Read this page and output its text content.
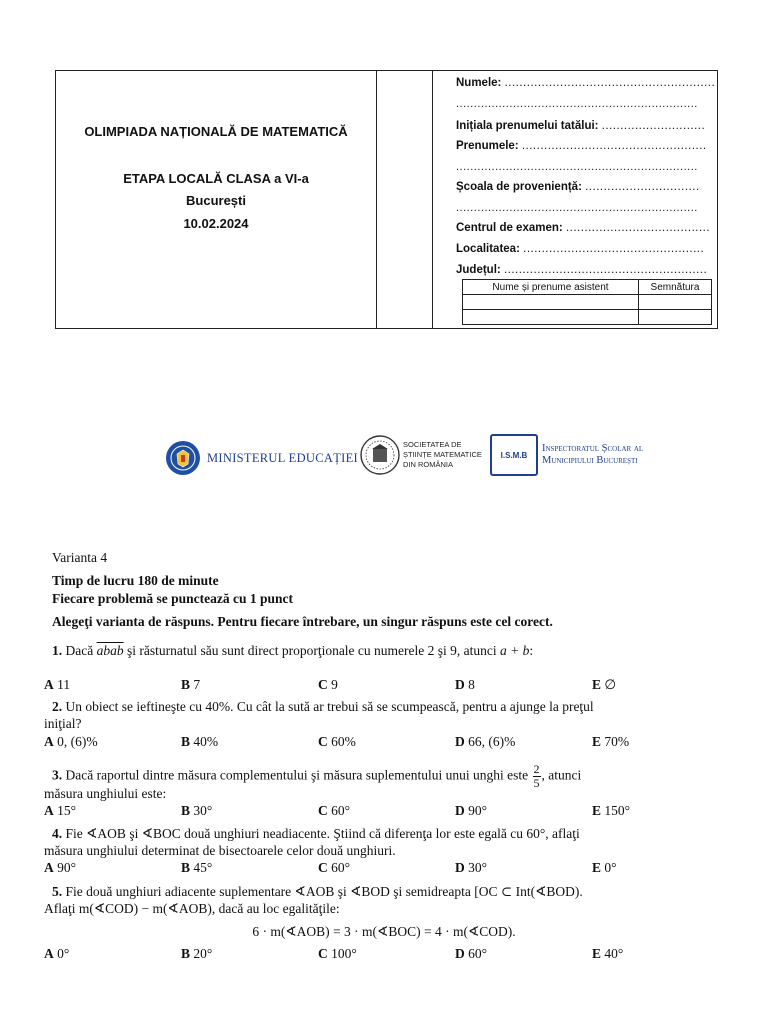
OLIMPIADA NAȚIONALĂ DE MATEMATICĂ
ETAPA LOCALĂ CLASA a VI-a
București
10.02.2024
Numele: .........................................................
....................................................................
Inițiala prenumelui tatălui: ............................
Prenumele: ..................................................
....................................................................
Școala de proveniență: ...............................
....................................................................
Centrul de examen: .......................................
Localitatea: .................................................
Județul: .......................................................
Nume și prenume asistent	Semnătura

MINISTERUL EDUCAȚIEI
SOCIETATEA DE
ȘTIINȚE MATEMATICE
DIN ROMÂNIA
I.S.M.B
Inspectoratul Școlar al
Municipiului București
Varianta 4
Timp de lucru 180 de minute
Fiecare problemă se punctează cu 1 punct
Alegeţi varianta de răspuns. Pentru fiecare întrebare, un singur răspuns este cel corect.
1. Dacă abab şi răsturnatul său sunt direct proporţionale cu numerele 2 şi 9, atunci a + b:
A 11	B 7	C 9	D 8	E ∅
2. Un obiect se ieftineşte cu 40%. Cu cât la sută ar trebui să se scumpească, pentru a ajunge la preţul
iniţial?
A 0, (6)%	B 40%	C 60%	D 66, (6)%	E 70%
3. Dacă raportul dintre măsura complementului şi măsura suplementului unui unghi este $\frac{2}{5}$ , atunci
măsura unghiului este:
A 15°	B 30°	C 60°	D 90°	E 150°
4. Fie ∢AOB şi ∢BOC două unghiuri neadiacente. Ştiind că diferenţa lor este egală cu 60°, aflaţi
măsura unghiului determinat de bisectoarele celor două unghiuri.
A 90°	B 45°	C 60°	D 30°	E 0°
5. Fie două unghiuri adiacente suplementare ∢AOB şi ∢BOD şi semidreapta [OC ⊂ Int(∢BOD).
Aflaţi m(∢COD) − m(∢AOB), dacă au loc egalităţile:
6 · m(∢AOB) = 3 · m(∢BOC) = 4 · m(∢COD).
A 0°	B 20°	C 100°	D 60°	E 40°
